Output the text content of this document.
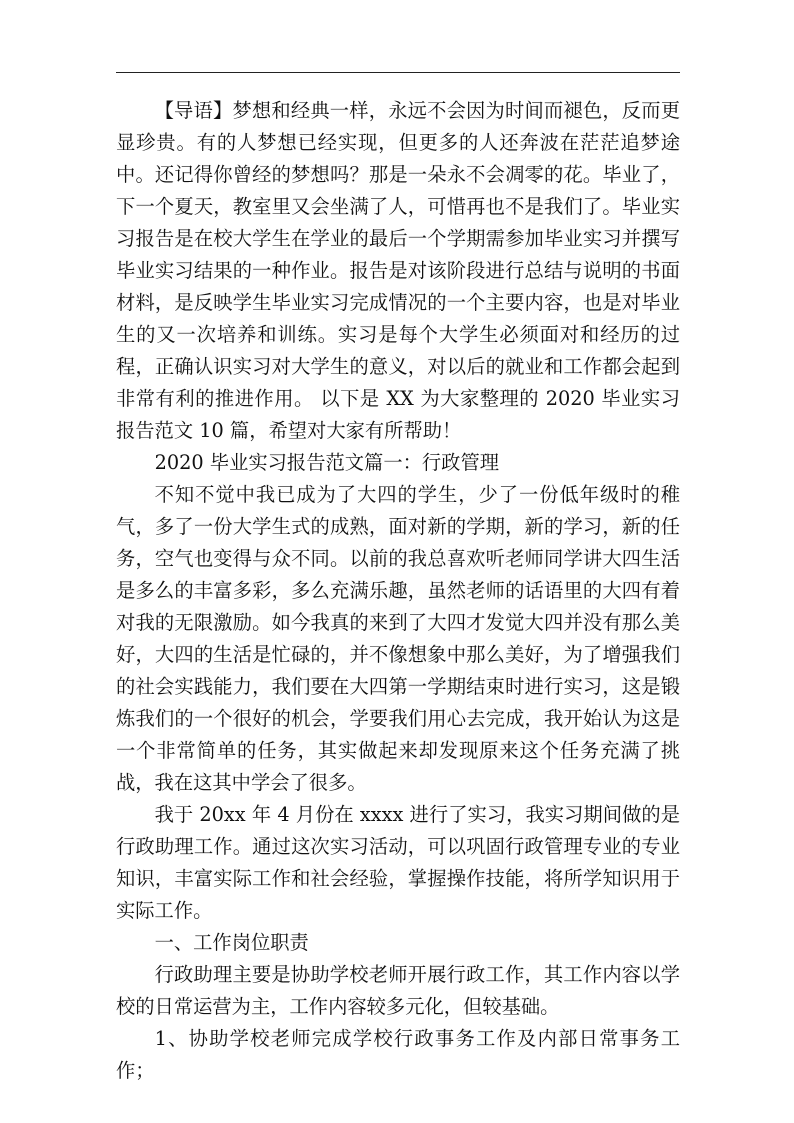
【导语】梦想和经典一样，永远不会因为时间而褪色，反而更显珍贵。有的人梦想已经实现，但更多的人还奔波在茫茫追梦途中。还记得你曾经的梦想吗？那是一朵永不会凋零的花。毕业了，下一个夏天，教室里又会坐满了人，可惜再也不是我们了。毕业实习报告是在校大学生在学业的最后一个学期需参加毕业实习并撰写毕业实习结果的一种作业。报告是对该阶段进行总结与说明的书面材料，是反映学生毕业实习完成情况的一个主要内容，也是对毕业生的又一次培养和训练。实习是每个大学生必须面对和经历的过程，正确认识实习对大学生的意义，对以后的就业和工作都会起到非常有利的推进作用。 以下是 XX 为大家整理的 2020 毕业实习报告范文 10 篇，希望对大家有所帮助！

2020 毕业实习报告范文篇一：行政管理

不知不觉中我已成为了大四的学生，少了一份低年级时的稚气，多了一份大学生式的成熟，面对新的学期，新的学习，新的任务，空气也变得与众不同。以前的我总喜欢听老师同学讲大四生活是多么的丰富多彩，多么充满乐趣，虽然老师的话语里的大四有着对我的无限激励。如今我真的来到了大四才发觉大四并没有那么美好，大四的生活是忙碌的，并不像想象中那么美好，为了增强我们的社会实践能力，我们要在大四第一学期结束时进行实习，这是锻炼我们的一个很好的机会，学要我们用心去完成，我开始认为这是一个非常简单的任务，其实做起来却发现原来这个任务充满了挑战，我在这其中学会了很多。

我于 20xx 年 4 月份在 xxxx 进行了实习，我实习期间做的是行政助理工作。通过这次实习活动，可以巩固行政管理专业的专业知识，丰富实际工作和社会经验，掌握操作技能，将所学知识用于实际工作。

一、工作岗位职责

行政助理主要是协助学校老师开展行政工作，其工作内容以学校的日常运营为主，工作内容较多元化，但较基础。

1、协助学校老师完成学校行政事务工作及内部日常事务工作；
